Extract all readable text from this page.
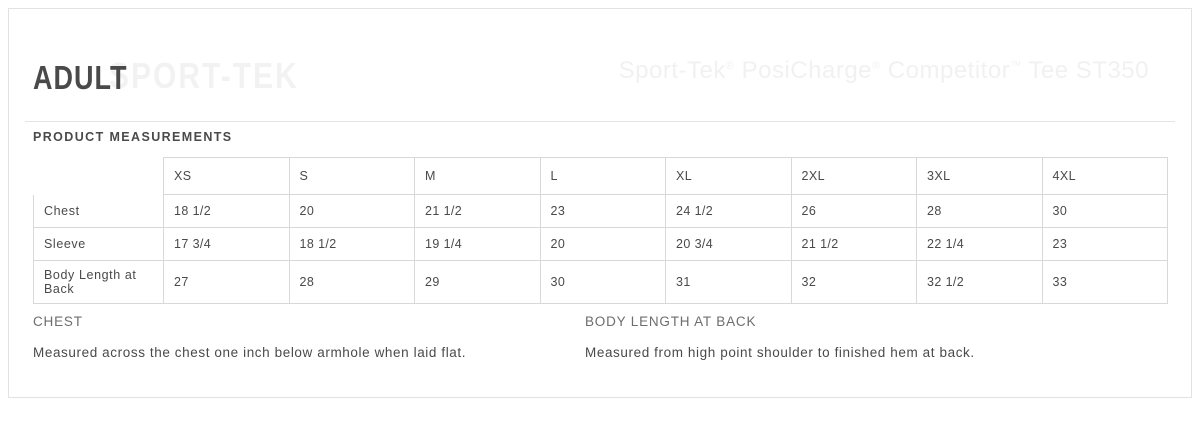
SPORT-TEK	Sport-Tek® PosiCharge® Competitor™ Tee ST350
ADULT
PRODUCT MEASUREMENTS
	XS	S	M	L	XL	2XL	3XL	4XL
Chest	18 1/2	20	21 1/2	23	24 1/2	26	28	30
Sleeve	17 3/4	18 1/2	19 1/4	20	20 3/4	21 1/2	22 1/4	23
Body Length at Back	27	28	29	30	31	32	32 1/2	33
CHEST
Measured across the chest one inch below armhole when laid flat.
BODY LENGTH AT BACK
Measured from high point shoulder to finished hem at back.
